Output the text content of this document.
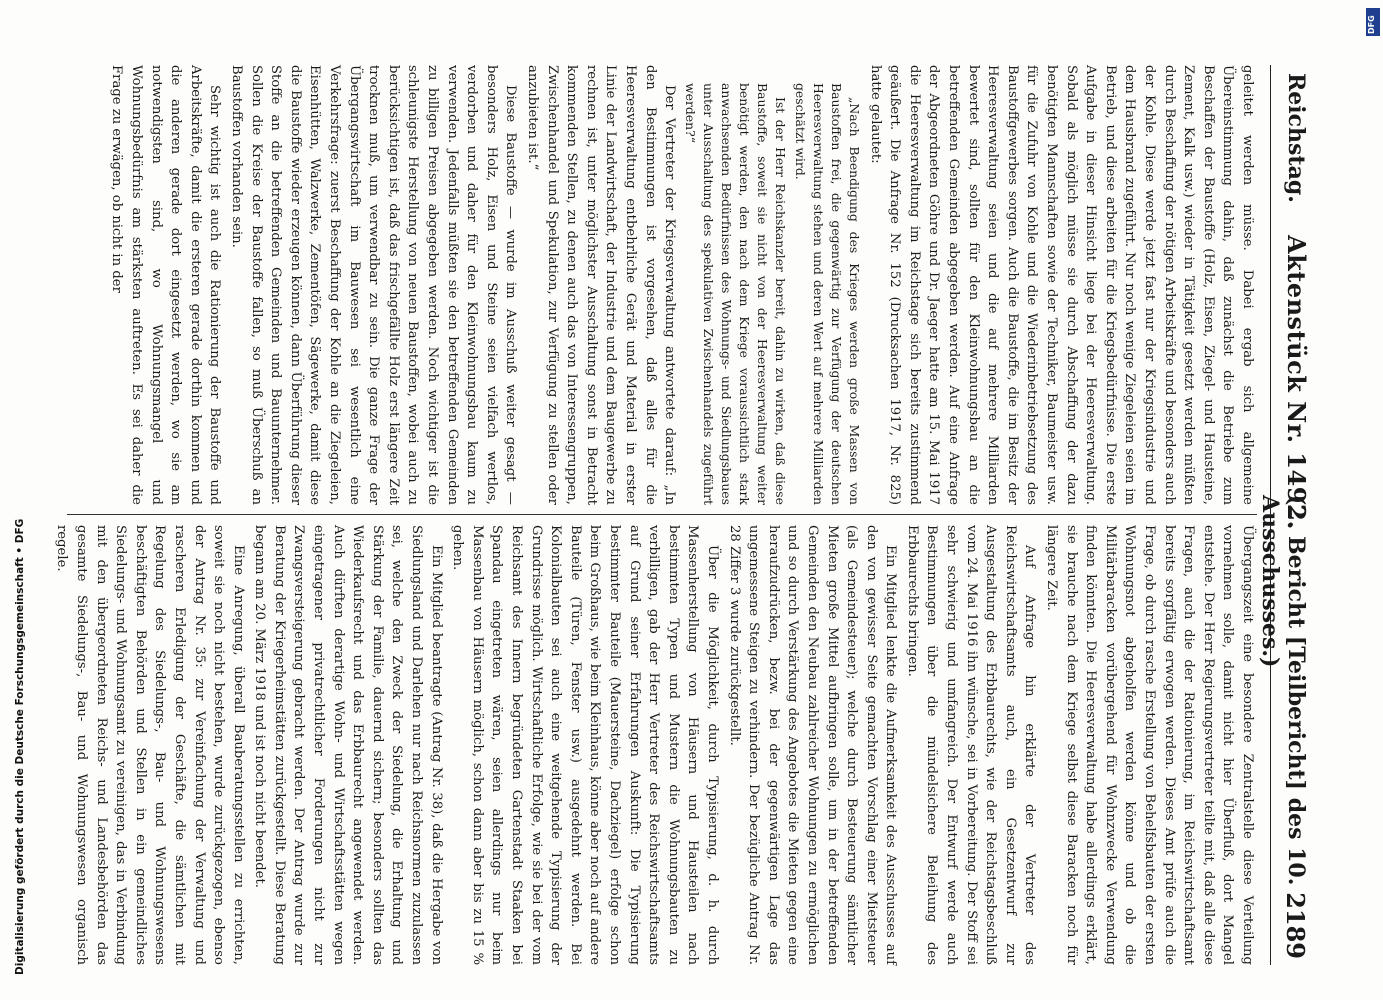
Reichstag.
Aktenstück Nr. 1492.
(2. Bericht [Teilbericht] des 10. Ausschusses.)
2189

geleitet werden müsse. Dabei ergab sich allgemeine Übereinstimmung dahin, daß zunächst die Betriebe zum Beschaffen der Baustoffe (Holz, Eisen, Ziegel- und Hausteine, Zement, Kalk usw.) wieder in Tätigkeit gesetzt werden müßten durch Beschaffung der nötigen Arbeitskräfte und besonders auch der Kohle. Diese werde jetzt fast nur der Kriegsindustrie und dem Hausbrand zugeführt. Nur noch wenige Ziegeleien seien im Betrieb, und diese arbeiten für die Kriegsbedürfnisse. Die erste Aufgabe in dieser Hinsicht liege bei der Heeresverwaltung. Sobald als möglich müsse sie durch Abschaffung der dazu benötigten Mannschaften sowie der Techniker, Baumeister usw. für die Zufuhr von Kohle und die Wiederinbetriebsetzung des Baustoffgewerbes sorgen. Auch die Baustoffe, die im Besitz der Heeresverwaltung seien und die auf mehrere Milliarden bewertet sind, sollten für den Kleinwohnungsbau an die betreffenden Gemeinden abgegeben werden. Auf eine Anfrage der Abgeordneten Göhre und Dr. Jaeger hatte am 15. Mai 1917 die Heeresverwaltung im Reichstage sich bereits zustimmend geäußert. Die Anfrage Nr. 152 (Drucksachen 1917, Nr. 825) hatte gelautet:

„Nach Beendigung des Krieges werden große Massen von Baustoffen frei, die gegenwärtig zur Verfügung der deutschen Heeresverwaltung stehen und deren Wert auf mehrere Milliarden geschätzt wird.

Ist der Herr Reichskanzler bereit, dahin zu wirken, daß diese Baustoffe, soweit sie nicht von der Heeresverwaltung weiter benötigt werden, den nach dem Kriege voraussichtlich stark anwachsenden Bedürfnissen des Wohnungs- und Siedlungsbaues unter Ausschaltung des spekulativen Zwischenhandels zugeführt werden?“

Der Vertreter der Kriegsverwaltung antwortete darauf: „In den Bestimmungen ist vorgesehen, daß alles für die Heeresverwaltung entbehrliche Gerät und Material in erster Linie der Landwirtschaft, der Industrie und dem Baugewerbe zu rechnen ist, unter möglichster Ausschaltung sonst in Betracht kommenden Stellen, zu denen auch das von Interessengruppen, Zwischenhandel und Spekulation, zur Verfügung zu stellen oder anzubieten ist.“

Diese Baustoffe — wurde im Ausschuß weiter gesagt — besonders Holz, Eisen und Steine seien vielfach wertlos, verdorben und daher für den Kleinwohnungsbau kaum zu verwenden. Jedenfalls müßten sie den betreffenden Gemeinden zu billigen Preisen abgegeben werden. Noch wichtiger ist die schleunigste Herstellung von neuen Baustoffen, wobei auch zu berücksichtigen ist, daß das frischgefällte Holz erst längere Zeit trocknen muß, um verwendbar zu sein. Die ganze Frage der Übergangswirtschaft im Bauwesen sei wesentlich eine Verkehrsfrage: zuerst Beschaffung der Kohle an die Ziegeleien, Eisenhütten, Walzwerke, Zementöfen, Sägewerke, damit diese die Baustoffe wieder erzeugen können, dann Überführung dieser Stoffe an die betreffenden Gemeinden und Bauunternehmer. Sollen die Kreise der Baustoffe fallen, so muß Überschuß an Baustoffen vorhanden sein.

Sehr wichtig ist auch die Rationierung der Baustoffe und Arbeitskräfte, damit die ersteren gerade dorthin kommen und die anderen gerade dort eingesetzt werden, wo sie am notwendigsten sind, wo Wohnungsmangel und Wohnungsbedürfnis am stärksten auftreten. Es sei daher die Frage zu erwägen, ob nicht in der

Übergangszeit eine besondere Zentralstelle diese Verteilung vornehmen solle, damit nicht hier Überfluß, dort Mangel entstehe. Der Herr Regierungsvertreter teilte mit, daß alle diese Fragen, auch die der Rationierung, im Reichswirtschaftsamt bereits sorgfältig erwogen werden. Dieses Amt prüfe auch die Frage, ob durch rasche Erstellung von Behelfsbauten der ersten Wohnungsnot abgeholfen werden könne und ob die Militärbaracken vorübergehend für Wohnzwecke Verwendung finden könnten. Die Heeresverwaltung habe allerdings erklärt, sie brauche nach dem Kriege selbst diese Baracken noch für längere Zeit.

Auf Anfrage hin erklärte der Vertreter des Reichswirtschaftsamts auch, ein Gesetzentwurf zur Ausgestaltung des Erbbaurechts, wie der Reichstagsbeschluß vom 24. Mai 1916 ihn wünsche, sei in Vorbereitung. Der Stoff sei sehr schwierig und umfangreich. Der Entwurf werde auch Bestimmungen über die mündelsichere Beleihung des Erbbaurechts bringen.

Ein Mitglied lenkte die Aufmerksamkeit des Ausschusses auf den von gewisser Seite gemachten Vorschlag einer Mietsteuer (als Gemeindesteuer); welche durch Besteuerung sämtlicher Mieten große Mittel aufbringen solle, um in der betreffenden Gemeinden den Neubau zahlreicher Wohnungen zu ermöglichen und so durch Verstärkung des Angebotes die Mieten gegen eine heraufzudrücken, bezw. bei der gegenwärtigen Lage das ungemessene Steigen zu verhindern. Der bezügliche Antrag Nr. 28 Ziffer 3 wurde zurückgestellt.

Über die Möglichkeit, durch Typisierung, d. h. durch Massenherstellung von Häusern und Hausteilen nach bestimmten Typen und Mustern die Wohnungsbauten zu verbilligen, gab der Herr Vertreter des Reichswirtschaftsamts auf Grund seiner Erfahrungen Auskunft: Die Typisierung bestimmter Bauteile (Mauersteine, Dachziegel) erfolge schon beim Großhaus, wie beim Kleinhaus, könne aber noch auf andere Bauteile (Türen, Fenster usw.) ausgedehnt werden. Bei Kolonialbauten sei auch eine weitgehende Typisierung der Grundrisse möglich. Wirtschaftliche Erfolge, wie sie bei der vom Reichsamt des Innern begründeten Gartenstadt Staaken bei Spandau eingetreten wären, seien allerdings nur beim Massenbau von Häusern möglich, schon dann aber bis zu 15 % gehen.

Ein Mitglied beantragte (Antrag Nr. 38), daß die Hergabe von Siedlungsland und Darlehen nur nach Reichsnormen zuzulassen sei, welche den Zweck der Siedelung, die Erhaltung und Stärkung der Familie, dauernd sichern; besonders sollten das Wiederkaufsrecht und das Erbbaurecht angewendet werden. Auch dürften derartige Wohn- und Wirtschaftsstätten wegen eingetragener privatrechtlicher Forderungen nicht zur Zwangsversteigerung gebracht werden. Der Antrag wurde zur Beratung der Kriegerheimstätten zurückgestellt. Diese Beratung begann am 20. März 1918 und ist noch nicht beendet.

Eine Anregung, überall Bauberatungsstellen zu errichten, soweit sie noch nicht bestehen, wurde zurückgezogen, ebenso der Antrag Nr. 35: zur Vereinfachung der Verwaltung und rascheren Erledigung der Geschäfte, die sämtlichen mit Regelung des Siedelungs-, Bau- und Wohnungswesens beschäftigten Behörden und Stellen in ein gemeindliches Siedelungs- und Wohnungsamt zu vereinigen, das in Verbindung mit den übergeordneten Reichs- und Landesbehörden das gesamte Siedelungs-, Bau- und Wohnungswesen organisch regele.

DFG
Digitalisierung gefördert durch die Deutsche Forschungsgemeinschaft • DFG
